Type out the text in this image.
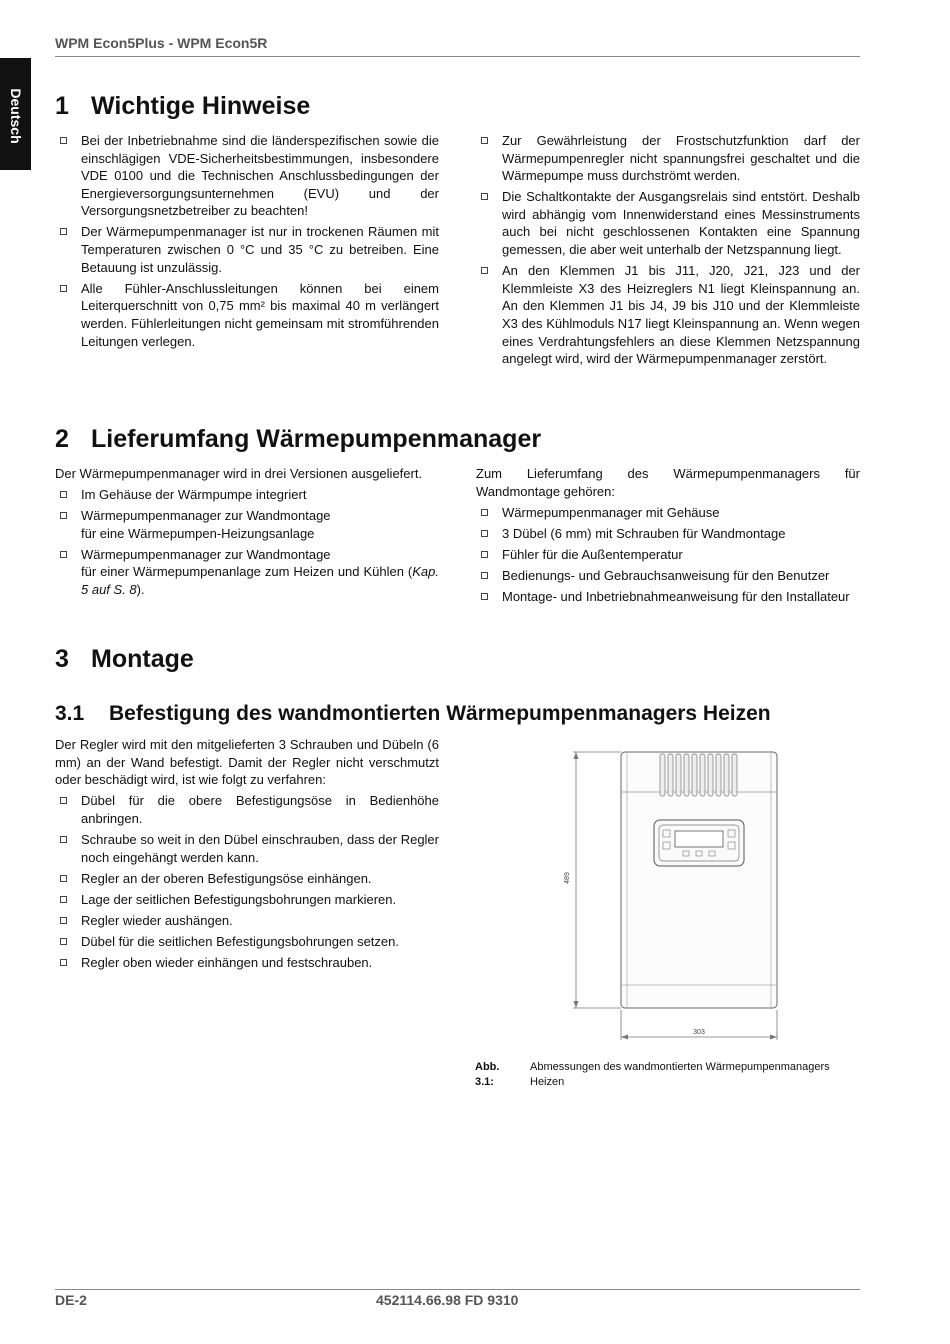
WPM Econ5Plus - WPM Econ5R
Deutsch 1 Wichtige Hinweise
Bei der Inbetriebnahme sind die länderspezifischen sowie die einschlägigen VDE-Sicherheitsbestimmungen, insbesondere VDE 0100 und die Technischen Anschlussbedingungen der Energieversorgungsunternehmen (EVU) und der Versorgungsnetzbetreiber zu beachten!
Der Wärmepumpenmanager ist nur in trockenen Räumen mit Temperaturen zwischen 0 °C und 35 °C zu betreiben. Eine Betauung ist unzulässig.
Alle Fühler-Anschlussleitungen können bei einem Leiterquerschnitt von 0,75 mm² bis maximal 40 m verlängert werden. Fühlerleitungen nicht gemeinsam mit stromführenden Leitungen verlegen.
Zur Gewährleistung der Frostschutzfunktion darf der Wärmepumpenregler nicht spannungsfrei geschaltet und die Wärmepumpe muss durchströmt werden.
Die Schaltkontakte der Ausgangsrelais sind entstört. Deshalb wird abhängig vom Innenwiderstand eines Messinstruments auch bei nicht geschlossenen Kontakten eine Spannung gemessen, die aber weit unterhalb der Netzspannung liegt.
An den Klemmen J1 bis J11, J20, J21, J23 und der Klemmleiste X3 des Heizreglers N1 liegt Kleinspannung an. An den Klemmen J1 bis J4, J9 bis J10 und der Klemmleiste X3 des Kühlmoduls N17 liegt Kleinspannung an. Wenn wegen eines Verdrahtungsfehlers an diese Klemmen Netzspannung angelegt wird, wird der Wärmepumpenmanager zerstört.
2 Lieferumfang Wärmepumpenmanager

Der Wärmepumpenmanager wird in drei Versionen ausgeliefert.

Im Gehäuse der Wärmpumpe integriert
Wärmepumpenmanager zur Wandmontage
für eine Wärmepumpen-Heizungsanlage
Wärmepumpenmanager zur Wandmontage
für einer Wärmepumpenanlage zum Heizen und Kühlen (Kap. 5 auf S. 8).

Zum Lieferumfang des Wärmepumpenmanagers für Wandmontage gehören:

Wärmepumpenmanager mit Gehäuse
3 Dübel (6 mm) mit Schrauben für Wandmontage
Fühler für die Außentemperatur
Bedienungs- und Gebrauchsanweisung für den Benutzer
Montage- und Inbetriebnahmeanweisung für den Installateur
3 Montage
3.1 Befestigung des wandmontierten Wärmepumpenmanagers Heizen

Der Regler wird mit den mitgelieferten 3 Schrauben und Dübeln (6 mm) an der Wand befestigt. Damit der Regler nicht verschmutzt oder beschädigt wird, ist wie folgt zu verfahren:

Dübel für die obere Befestigungsöse in Bedienhöhe anbringen.
Schraube so weit in den Dübel einschrauben, dass der Regler noch eingehängt werden kann.
Regler an der oberen Befestigungsöse einhängen.
Lage der seitlichen Befestigungsbohrungen markieren.
Regler wieder aushängen.
Dübel für die seitlichen Befestigungsbohrungen setzen.
Regler oben wieder einhängen und festschrauben.
489
303
Abb. 3.1:
Abmessungen des wandmontierten Wärmepumpenmanagers Heizen
DE-2	452114.66.98 FD 9310
